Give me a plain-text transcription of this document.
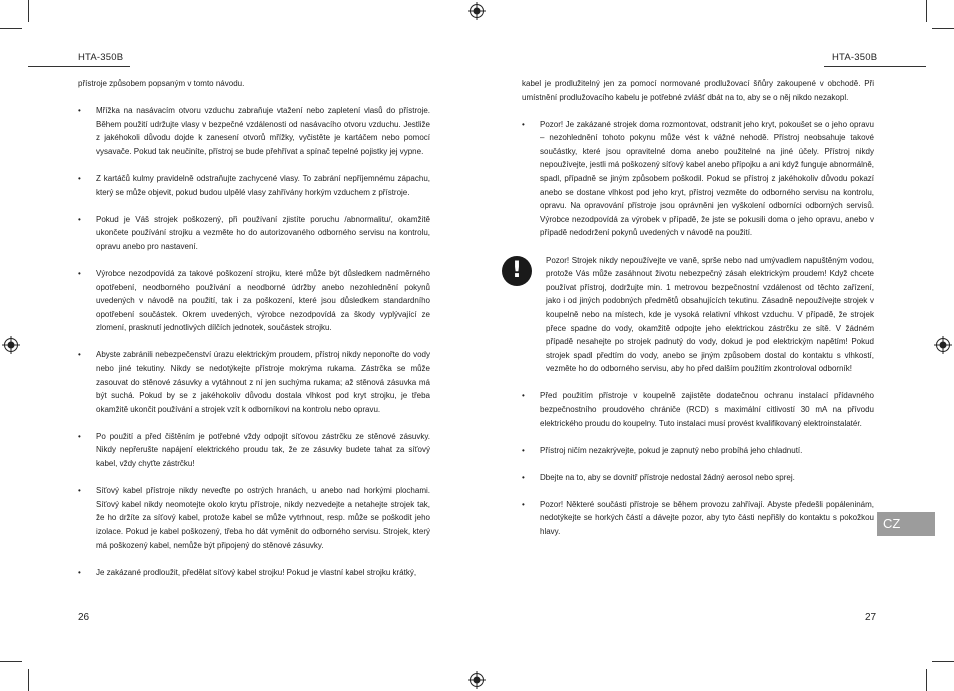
HTA-350B
přístroje způsobem popsaným v tomto návodu.
• Mřížka na nasávacím otvoru vzduchu zabraňuje vtažení nebo zapletení vlasů do přístroje. Během použití udržujte vlasy v bezpečné vzdálenosti od nasávacího otvoru vzduchu. Jestliže z jakéhokoli důvodu dojde k zanesení otvorů mřížky, vyčistěte je kartáčem nebo pomocí vysavače. Pokud tak neučiníte, přístroj se bude přehřívat a spínač tepelné pojistky jej vypne.
• Z kartáčů kulmy pravidelně odstraňujte zachycené vlasy. To zabrání nepříjemnému zápachu, který se může objevit, pokud budou ulpělé vlasy zahřívány horkým vzduchem z přístroje.
• Pokud je Váš strojek poškozený, při používaní zjistíte poruchu /abnormalitu/, okamžitě ukončete používání strojku a vezměte ho do autorizovaného odborného servisu na kontrolu, opravu anebo pro nastavení.
• Výrobce nezodpovídá za takové poškození strojku, které může být důsledkem nadměrného opotřebení, neodborného používání a neodborné údržby anebo nezohlednění pokynů uvedených v návodě na použití, tak i za poškození, které jsou důsledkem standardního opotřebení součástek. Okrem uvedených, výrobce nezodpovídá za škody vyplývající ze zlomení, prasknutí jednotlivých dílčích jednotek, součástek strojku.
• Abyste zabránili nebezpečenství úrazu elektrickým proudem, přístroj nikdy neponořte do vody nebo jiné tekutiny. Nikdy se nedotýkejte přístroje mokrýma rukama. Zástrčka se může zasouvat do stěnové zásuvky a vytáhnout z ní jen suchýma rukama; až stěnová zásuvka má být suchá. Pokud by se z jakéhokoliv důvodu dostala vlhkost pod kryt strojku, je třeba okamžitě ukončit používání a strojek vzít k odborníkovi na kontrolu nebo opravu.
• Po použití a před čištěním je potřebné vždy odpojit síťovou zástrčku ze stěnové zásuvky. Nikdy nepřerušte napájení elektrického proudu tak, že ze zásuvky budete tahat za síťový kabel, vždy chyťte zástrčku!
• Síťový kabel přístroje nikdy neveďte po ostrých hranách, u anebo nad horkými plochami. Síťový kabel nikdy neomotejte okolo krytu přístroje, nikdy nezvedejte a netahejte strojek tak, že ho držíte za síťový kabel, protože kabel se může vytrhnout, resp. může se poškodit jeho izolace. Pokud je kabel poškozený, třeba ho dát vyměnit do odborného servisu. Strojek, který má poškozený kabel, nemůže být připojený do stěnové zásuvky.
• Je zakázané prodloužit, předělat síťový kabel strojku! Pokud je vlastní kabel strojku krátký,
26
HTA-350B
kabel je prodlužitelný jen za pomocí normované prodlužovací šňůry zakoupené v obchodě. Při umístnění prodlužovacího kabelu je potřebné zvlášť dbát na to, aby se o něj nikdo nezakopl.
• Pozor! Je zakázané strojek doma rozmontovat, odstranit jeho kryt, pokoušet se o jeho opravu – nezohlednění tohoto pokynu může vést k vážné nehodě. Přístroj neobsahuje takové součástky, které jsou opravitelné doma anebo použitelné na jiné účely. Přístroj nikdy nepoužívejte, jestli má poškozený síťový kabel anebo přípojku a ani když funguje abnormálně, spadl, případně se jiným způsobem poškodil. Pokud se přístroj z jakéhokoliv důvodu pokazí anebo se dostane vlhkost pod jeho kryt, přístroj vezměte do odborného servisu na kontrolu, opravu. Na opravování přístroje jsou oprávněni jen vyškolení odborníci odborných servisů. Výrobce nezodpovídá za výrobek v případě, že jste se pokusili doma o jeho opravu, anebo v případě nedodržení pokynů uvedených v návodě na použití.
!	Pozor! Strojek nikdy nepoužívejte ve vaně, sprše nebo nad umývadlem napuštěným vodou, protože Vás může zasáhnout životu nebezpečný zásah elektrickým proudem! Když chcete používat přístroj, dodržujte min. 1 metrovou bezpečnostní vzdálenost od těchto zařízení, jako i od jiných podobných předmětů obsahujících tekutinu. Zásadně nepoužívejte strojek v koupelně nebo na místech, kde je vysoká relativní vlhkost vzduchu. V případě, že strojek přece spadne do vody, okamžitě odpojte jeho elektrickou zástrčku ze sítě. V žádném případě nesahejte po strojek padnutý do vody, dokud je pod elektrickým napětím! Pokud strojek spadl předtím do vody, anebo se jiným způsobem dostal do kontaktu s vlhkostí, vezměte ho do odborného servisu, aby ho před dalším použitím zkontroloval odborník!
• Před použitím přístroje v koupelně zajistěte dodatečnou ochranu instalací přídavného bezpečnostního proudového chrániče (RCD) s maximální citlivostí 30 mA na přívodu elektrického proudu do koupelny. Tuto instalaci musí provést kvalifikovaný elektroinstalatér.
• Přístroj ničím nezakrývejte, pokud je zapnutý nebo probíhá jeho chladnutí.
• Dbejte na to, aby se dovnitř přístroje nedostal žádný aerosol nebo sprej.
• Pozor! Některé součásti přístroje se během provozu zahřívají. Abyste předešli popáleninám, nedotýkejte se horkých částí a dávejte pozor, aby tyto části nepřišly do kontaktu s pokožkou hlavy.
CZ
27
